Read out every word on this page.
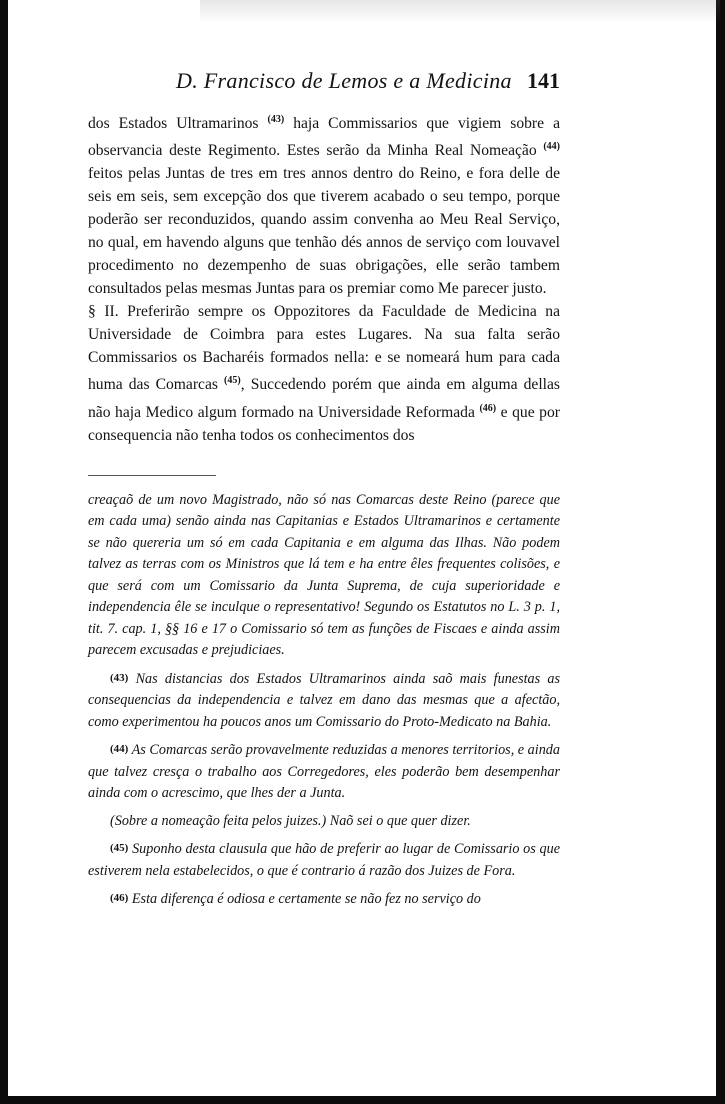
D. Francisco de Lemos e a Medicina 141

dos Estados Ultramarinos $^{(43)}$ haja Commissarios que vigiem sobre a observancia deste Regimento. Estes serão da Minha Real Nomeação $^{(44)}$ feitos pelas Juntas de tres em tres annos dentro do Reino, e fora delle de seis em seis, sem excepção dos que tiverem acabado o seu tempo, porque poderão ser reconduzidos, quando assim convenha ao Meu Real Serviço, no qual, em havendo alguns que tenhão dés annos de serviço com louvavel procedimento no dezempenho de suas obrigações, elle serão tambem consultados pelas mesmas Juntas para os premiar como Me parecer justo.

§ II. Preferirão sempre os Oppozitores da Faculdade de Medicina na Universidade de Coimbra para estes Lugares. Na sua falta serão Commissarios os Bacharéis formados nella: e se nomeará hum para cada huma das Comarcas $^{(45)}$, Succedendo porém que ainda em alguma dellas não haja Medico algum formado na Universidade Reformada $^{(46)}$ e que por consequencia não tenha todos os conhecimentos dos

creaçaõ de um novo Magistrado, não só nas Comarcas deste Reino (parece que em cada uma) senão ainda nas Capitanias e Estados Ultramarinos e certamente se não quereria um só em cada Capitania e em alguma das Ilhas. Não podem talvez as terras com os Ministros que lá tem e ha entre êles frequentes colisões, e que será com um Comissario da Junta Suprema, de cuja superioridade e independencia êle se inculque o representativo! Segundo os Estatutos no L. 3 p. 1, tit. 7. cap. 1, §§ 16 e 17 o Comissario só tem as funções de Fiscaes e ainda assim parecem excusadas e prejudiciaes.

(43) Nas distancias dos Estados Ultramarinos ainda saõ mais funestas as consequencias da independencia e talvez em dano das mesmas que a afectão, como experimentou ha poucos anos um Comissario do Proto-Medicato na Bahia.

(44) As Comarcas serão provavelmente reduzidas a menores territorios, e ainda que talvez cresça o trabalho aos Corregedores, eles poderão bem desempenhar ainda com o acrescimo, que lhes der a Junta.

(Sobre a nomeação feita pelos juizes.) Naõ sei o que quer dizer.

(45) Suponho desta clausula que hão de preferir ao lugar de Comissario os que estiverem nela estabelecidos, o que é contrario á razão dos Juizes de Fora.

(46) Esta diferença é odiosa e certamente se não fez no serviço do
